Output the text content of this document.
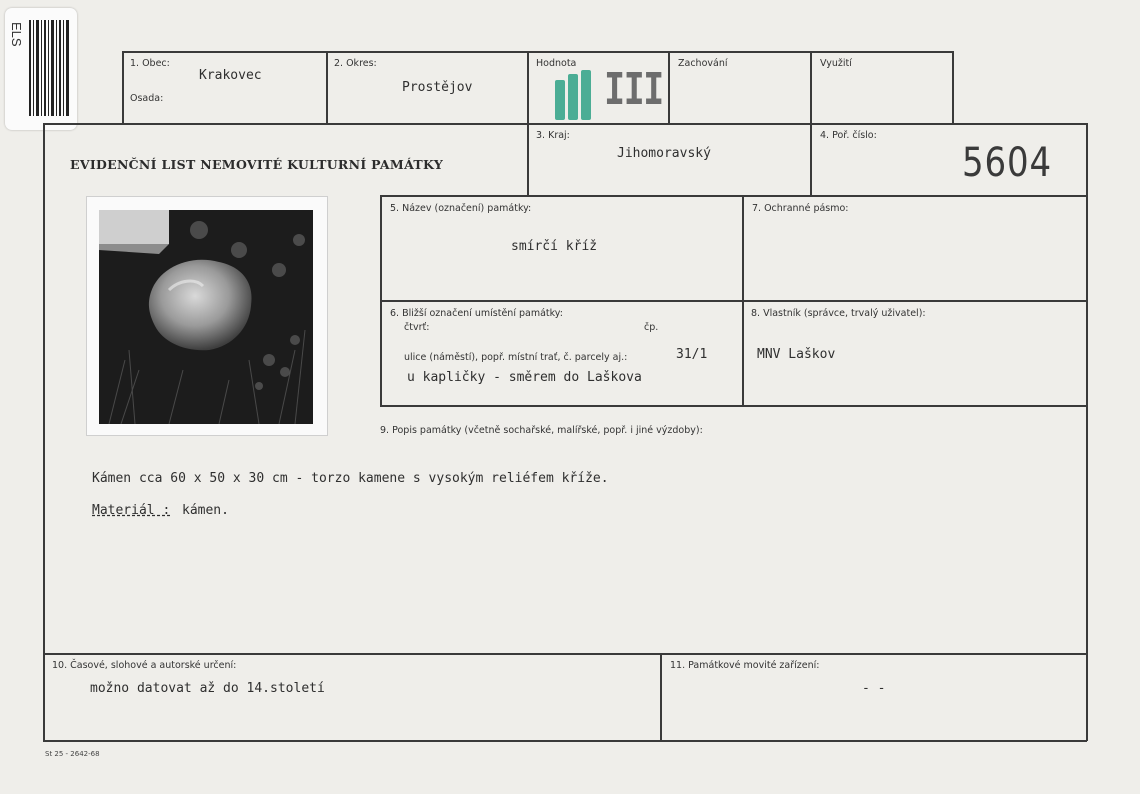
ELS
1. Obec:
Krakovec
Osada:
2. Okres:
Prostějov
Hodnota
III
Zachování	Využití
EVIDENČNÍ LIST NEMOVITÉ KULTURNÍ PAMÁTKY
3. Kraj:
Jihomoravský
4. Poř. číslo:
5604
5. Název (označení) památky:
smírčí kříž
7. Ochranné pásmo:
6. Bližší označení umístění památky:
čtvrť:	čp.
ulice (náměstí), popř. místní trať, č. parcely aj.:	31/1
u kapličky - směrem do Laškova
8. Vlastník (správce, trvalý uživatel):
MNV Laškov
9. Popis památky (včetně sochařské, malířské, popř. i jiné výzdoby):
Kámen cca 60 x 50 x 30 cm - torzo kamene s vysokým reliéfem kříže.
Materiál : kámen.
10. Časové, slohové a autorské určení:
možno datovat až do 14.století
11. Památkové movité zařízení:
- -
St 25 - 2642-68
